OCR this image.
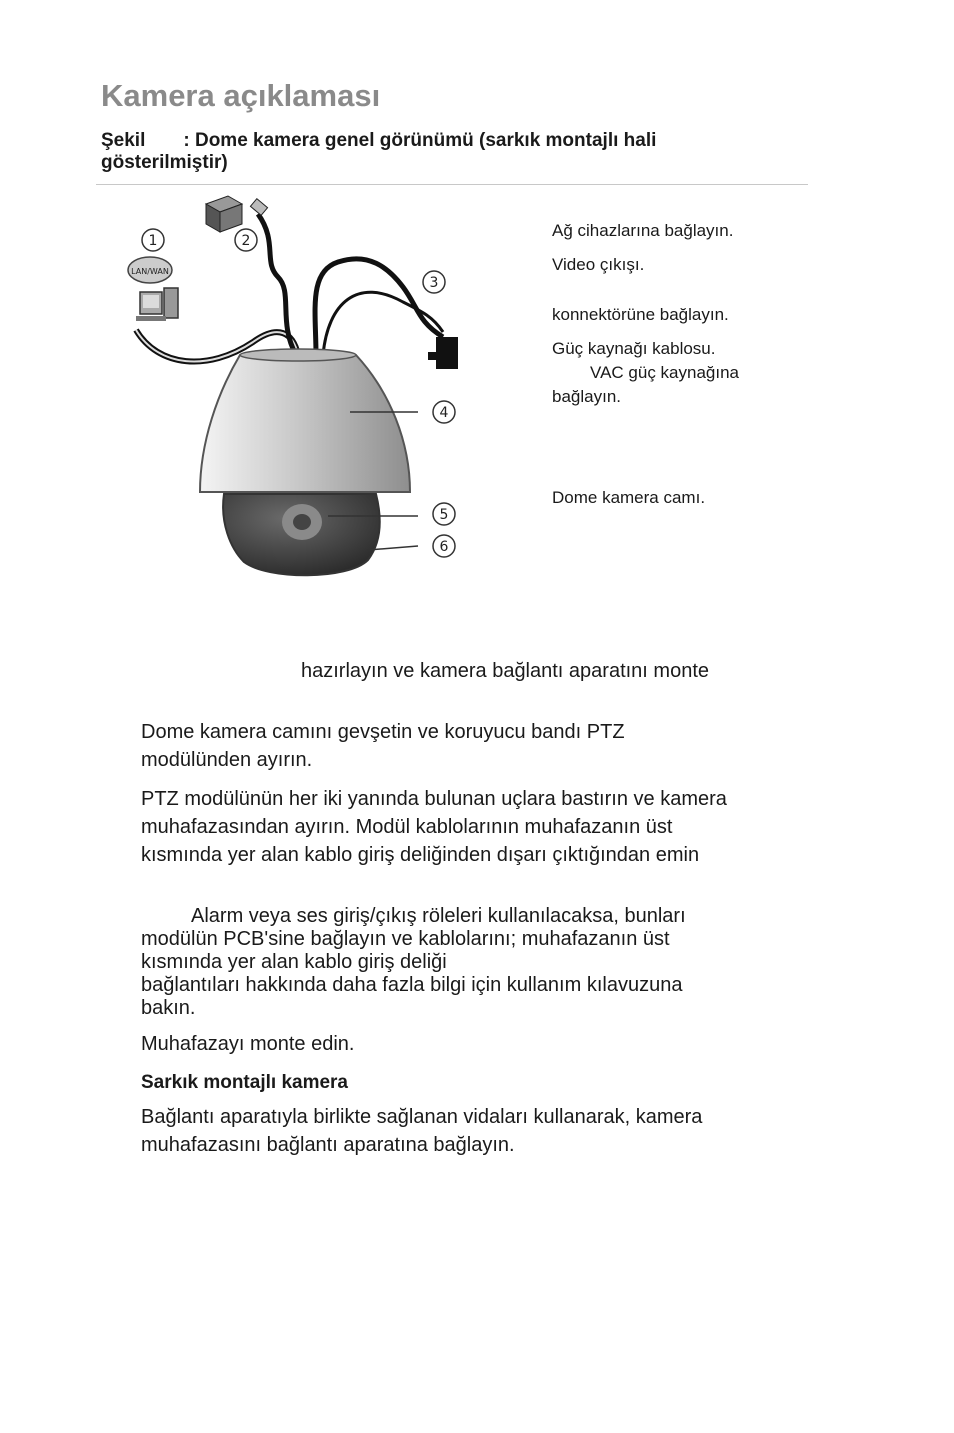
Kamera açıklaması

Şekil : Dome kamera genel görünümü (sarkık montajlı hali gösterilmiştir)

LAN/WAN
1	2
3
4
5
6
Ağ cihazlarına bağlayın.
Video çıkışı.
konnektörüne bağlayın.
Güç kaynağı kablosu.
VAC güç kaynağına
bağlayın.
Dome kamera camı.

hazırlayın ve kamera bağlantı aparatını monte

Dome kamera camını gevşetin ve koruyucu bandı PTZ
modülünden ayırın.
PTZ modülünün her iki yanında bulunan uçlara bastırın ve kamera
muhafazasından ayırın. Modül kablolarının muhafazanın üst
kısmında yer alan kablo giriş deliğinden dışarı çıktığından emin
Alarm veya ses giriş/çıkış röleleri kullanılacaksa, bunları
modülün PCB'sine bağlayın ve kablolarını; muhafazanın üst
kısmında yer alan kablo giriş deliği
bağlantıları hakkında daha fazla bilgi için kullanım kılavuzuna
bakın.

Muhafazayı monte edin.

Sarkık montajlı kamera

Bağlantı aparatıyla birlikte sağlanan vidaları kullanarak, kamera
muhafazasını bağlantı aparatına bağlayın.
